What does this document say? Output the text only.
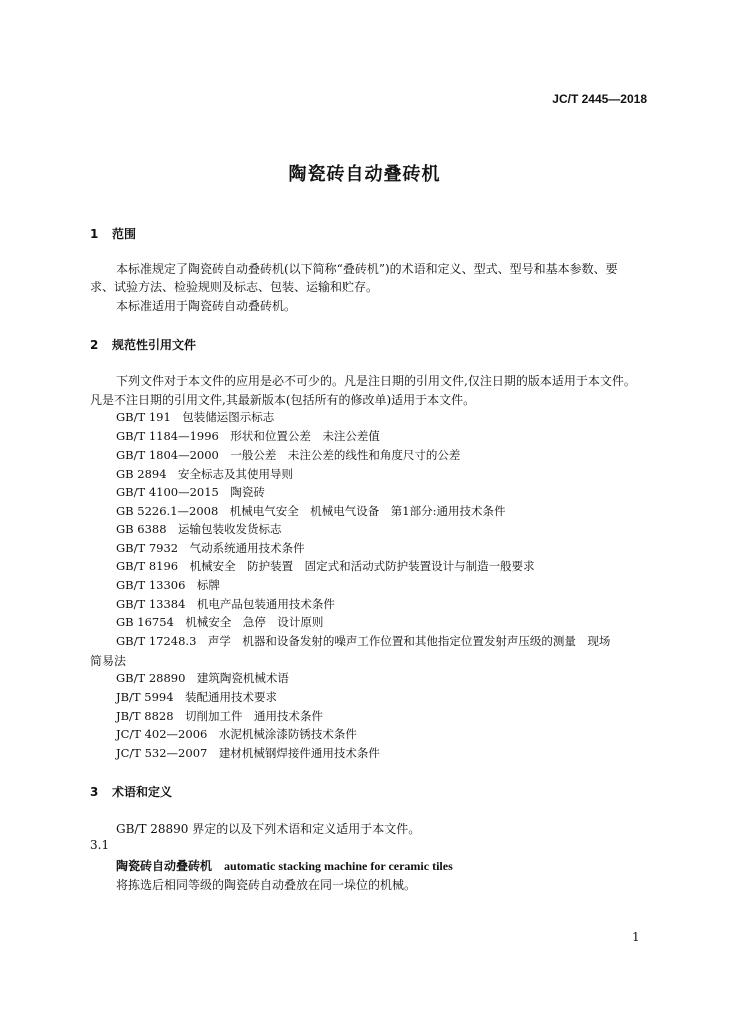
JC/T 2445—2018
陶瓷砖自动叠砖机
1 范围
本标准规定了陶瓷砖自动叠砖机(以下简称“叠砖机”)的术语和定义、型式、型号和基本参数、要
求、试验方法、检验规则及标志、包装、运输和贮存。
本标准适用于陶瓷砖自动叠砖机。
2 规范性引用文件
下列文件对于本文件的应用是必不可少的。凡是注日期的引用文件,仅注日期的版本适用于本文件。
凡是不注日期的引用文件,其最新版本(包括所有的修改单)适用于本文件。
GB/T 191　包装储运图示标志
GB/T 1184—1996　形状和位置公差　未注公差值
GB/T 1804—2000　一般公差　未注公差的线性和角度尺寸的公差
GB 2894　安全标志及其使用导则
GB/T 4100—2015　陶瓷砖
GB 5226.1—2008　机械电气安全　机械电气设备　第1部分:通用技术条件
GB 6388　运输包装收发货标志
GB/T 7932　气动系统通用技术条件
GB/T 8196　机械安全　防护装置　固定式和活动式防护装置设计与制造一般要求
GB/T 13306　标牌
GB/T 13384　机电产品包装通用技术条件
GB 16754　机械安全　急停　设计原则
GB/T 17248.3　声学　机器和设备发射的噪声工作位置和其他指定位置发射声压级的测量　现场
简易法
GB/T 28890　建筑陶瓷机械术语
JB/T 5994　装配通用技术要求
JB/T 8828　切削加工件　通用技术条件
JC/T 402—2006　水泥机械涂漆防锈技术条件
JC/T 532—2007　建材机械钢焊接件通用技术条件
3 术语和定义
GB/T 28890 界定的以及下列术语和定义适用于本文件。
3.1
陶瓷砖自动叠砖机 automatic stacking machine for ceramic tiles
将拣选后相同等级的陶瓷砖自动叠放在同一垛位的机械。
1
